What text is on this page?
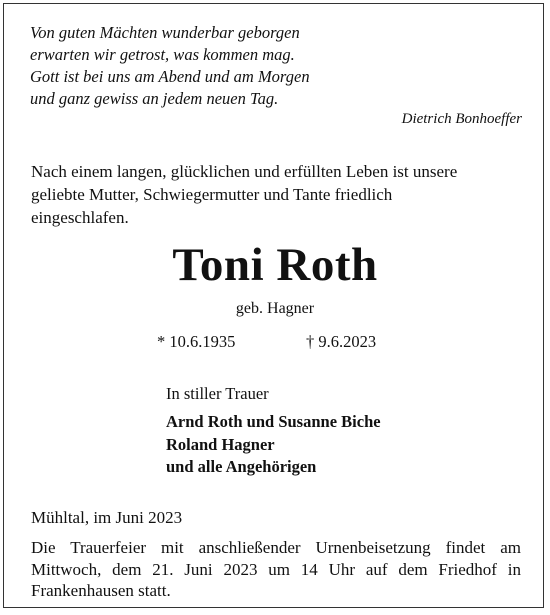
Von guten Mächten wunderbar geborgen
erwarten wir getrost, was kommen mag.
Gott ist bei uns am Abend und am Morgen
und ganz gewiss an jedem neuen Tag.
Dietrich Bonhoeffer
Nach einem langen, glücklichen und erfüllten Leben ist unsere
geliebte Mutter, Schwiegermutter und Tante friedlich
eingeschlafen.
Toni Roth
geb. Hagner
* 10.6.1935	† 9.6.2023
In stiller Trauer
Arnd Roth und Susanne Biche
Roland Hagner
und alle Angehörigen
Mühltal, im Juni 2023
Die Trauerfeier mit anschließender Urnenbeisetzung findet am
Mittwoch, dem 21. Juni 2023 um 14 Uhr auf dem Friedhof in
Frankenhausen statt.
